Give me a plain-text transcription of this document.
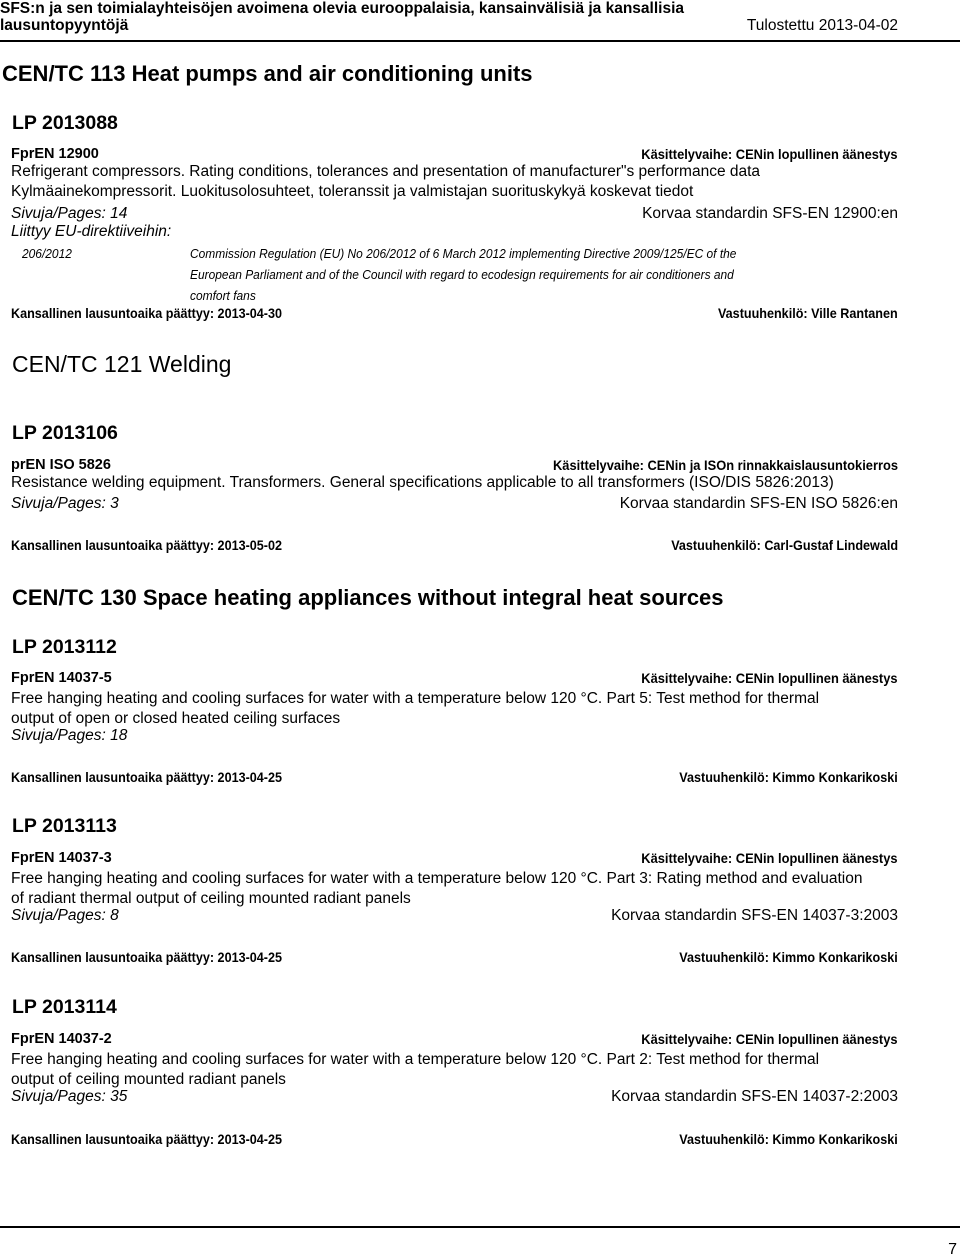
SFS:n ja sen toimialayhteisöjen avoimena olevia eurooppalaisia, kansainvälisiä ja kansallisia
lausuntopyyntöjä	Tulostettu 2013-04-02
CEN/TC 113 Heat pumps and air conditioning units
LP 2013088
FprEN 12900	Käsittelyvaihe: CENin lopullinen äänestys
Refrigerant compressors. Rating conditions, tolerances and presentation of manufacturer"s performance data
Kylmäainekompressorit. Luokitusolosuhteet, toleranssit ja valmistajan suorituskykyä koskevat tiedot
Sivuja/Pages: 14	Korvaa standardin SFS-EN 12900:en
Liittyy EU-direktiiveihin:
206/2012	Commission Regulation (EU) No 206/2012 of 6 March 2012 implementing Directive 2009/125/EC of the
European Parliament and of the Council with regard to ecodesign requirements for air conditioners and
comfort fans
Kansallinen lausuntoaika päättyy: 2013-04-30	Vastuuhenkilö: Ville Rantanen
CEN/TC 121 Welding
LP 2013106
prEN ISO 5826	Käsittelyvaihe: CENin ja ISOn rinnakkaislausuntokierros
Resistance welding equipment. Transformers. General specifications applicable to all transformers (ISO/DIS 5826:2013)
Sivuja/Pages: 3	Korvaa standardin SFS-EN ISO 5826:en
Kansallinen lausuntoaika päättyy: 2013-05-02	Vastuuhenkilö: Carl-Gustaf Lindewald
CEN/TC 130 Space heating appliances without integral heat sources
LP 2013112
FprEN 14037-5	Käsittelyvaihe: CENin lopullinen äänestys
Free hanging heating and cooling surfaces for water with a temperature below 120 °C. Part 5: Test method for thermal
output of open or closed heated ceiling surfaces
Sivuja/Pages: 18
Kansallinen lausuntoaika päättyy: 2013-04-25	Vastuuhenkilö: Kimmo Konkarikoski
LP 2013113
FprEN 14037-3	Käsittelyvaihe: CENin lopullinen äänestys
Free hanging heating and cooling surfaces for water with a temperature below 120 °C. Part 3: Rating method and evaluation
of radiant thermal output of ceiling mounted radiant panels
Sivuja/Pages: 8	Korvaa standardin SFS-EN 14037-3:2003
Kansallinen lausuntoaika päättyy: 2013-04-25	Vastuuhenkilö: Kimmo Konkarikoski
LP 2013114
FprEN 14037-2	Käsittelyvaihe: CENin lopullinen äänestys
Free hanging heating and cooling surfaces for water with a temperature below 120 °C. Part 2: Test method for thermal
output of ceiling mounted radiant panels
Sivuja/Pages: 35	Korvaa standardin SFS-EN 14037-2:2003
Kansallinen lausuntoaika päättyy: 2013-04-25	Vastuuhenkilö: Kimmo Konkarikoski
7
